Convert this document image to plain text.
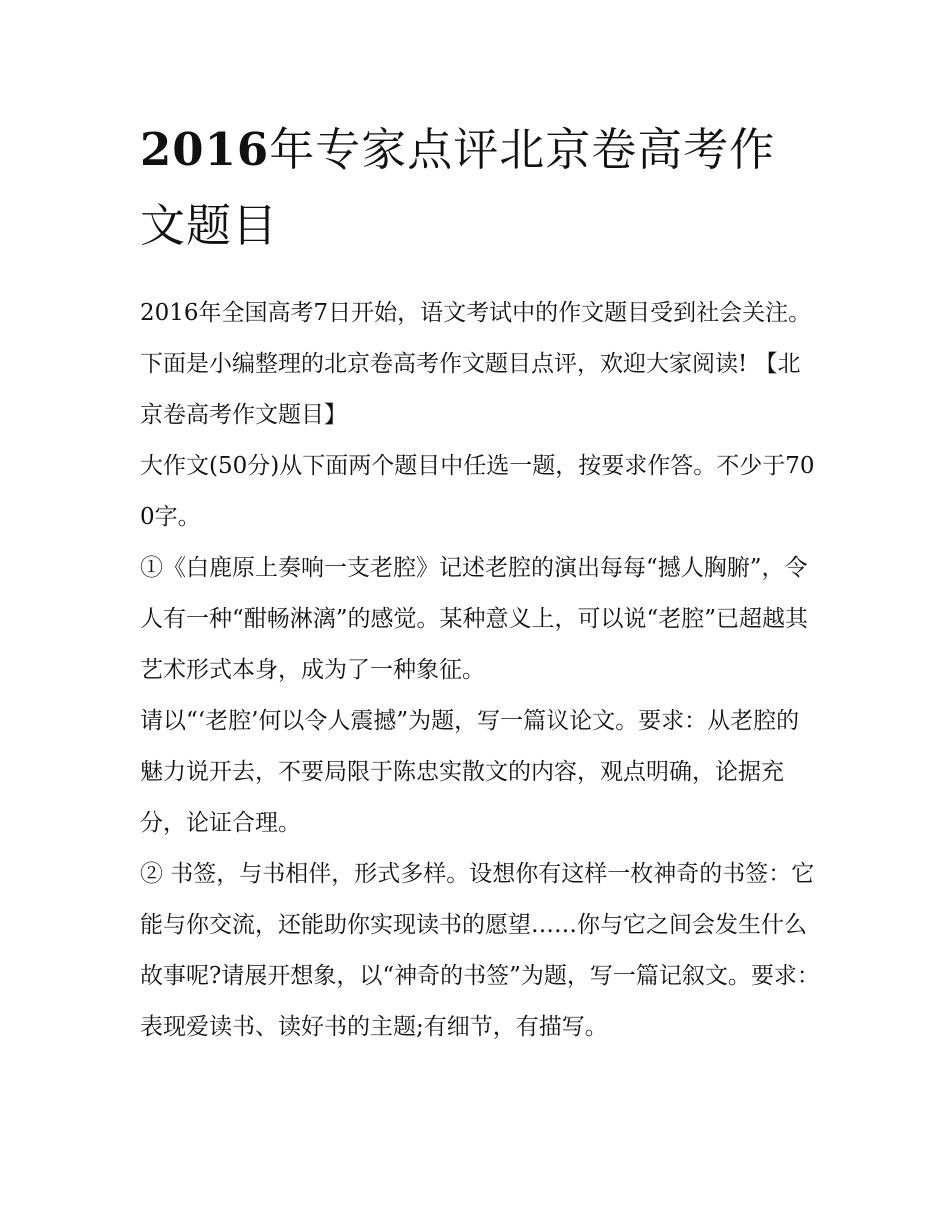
2016年专家点评北京卷高考作文题目

2016年全国高考7日开始，语文考试中的作文题目受到社会关注。下面是小编整理的北京卷高考作文题目点评，欢迎大家阅读! 【北京卷高考作文题目】

大作文(50分)从下面两个题目中任选一题，按要求作答。不少于700字。

①《白鹿原上奏响一支老腔》记述老腔的演出每每“撼人胸腑”，令人有一种“酣畅淋漓”的感觉。某种意义上，可以说“老腔”已超越其艺术形式本身，成为了一种象征。

请以“‘老腔’何以令人震撼”为题，写一篇议论文。要求：从老腔的魅力说开去，不要局限于陈忠实散文的内容，观点明确，论据充分，论证合理。

② 书签，与书相伴，形式多样。设想你有这样一枚神奇的书签：它能与你交流，还能助你实现读书的愿望……你与它之间会发生什么故事呢?请展开想象，以“神奇的书签”为题，写一篇记叙文。要求：表现爱读书、读好书的主题;有细节，有描写。
